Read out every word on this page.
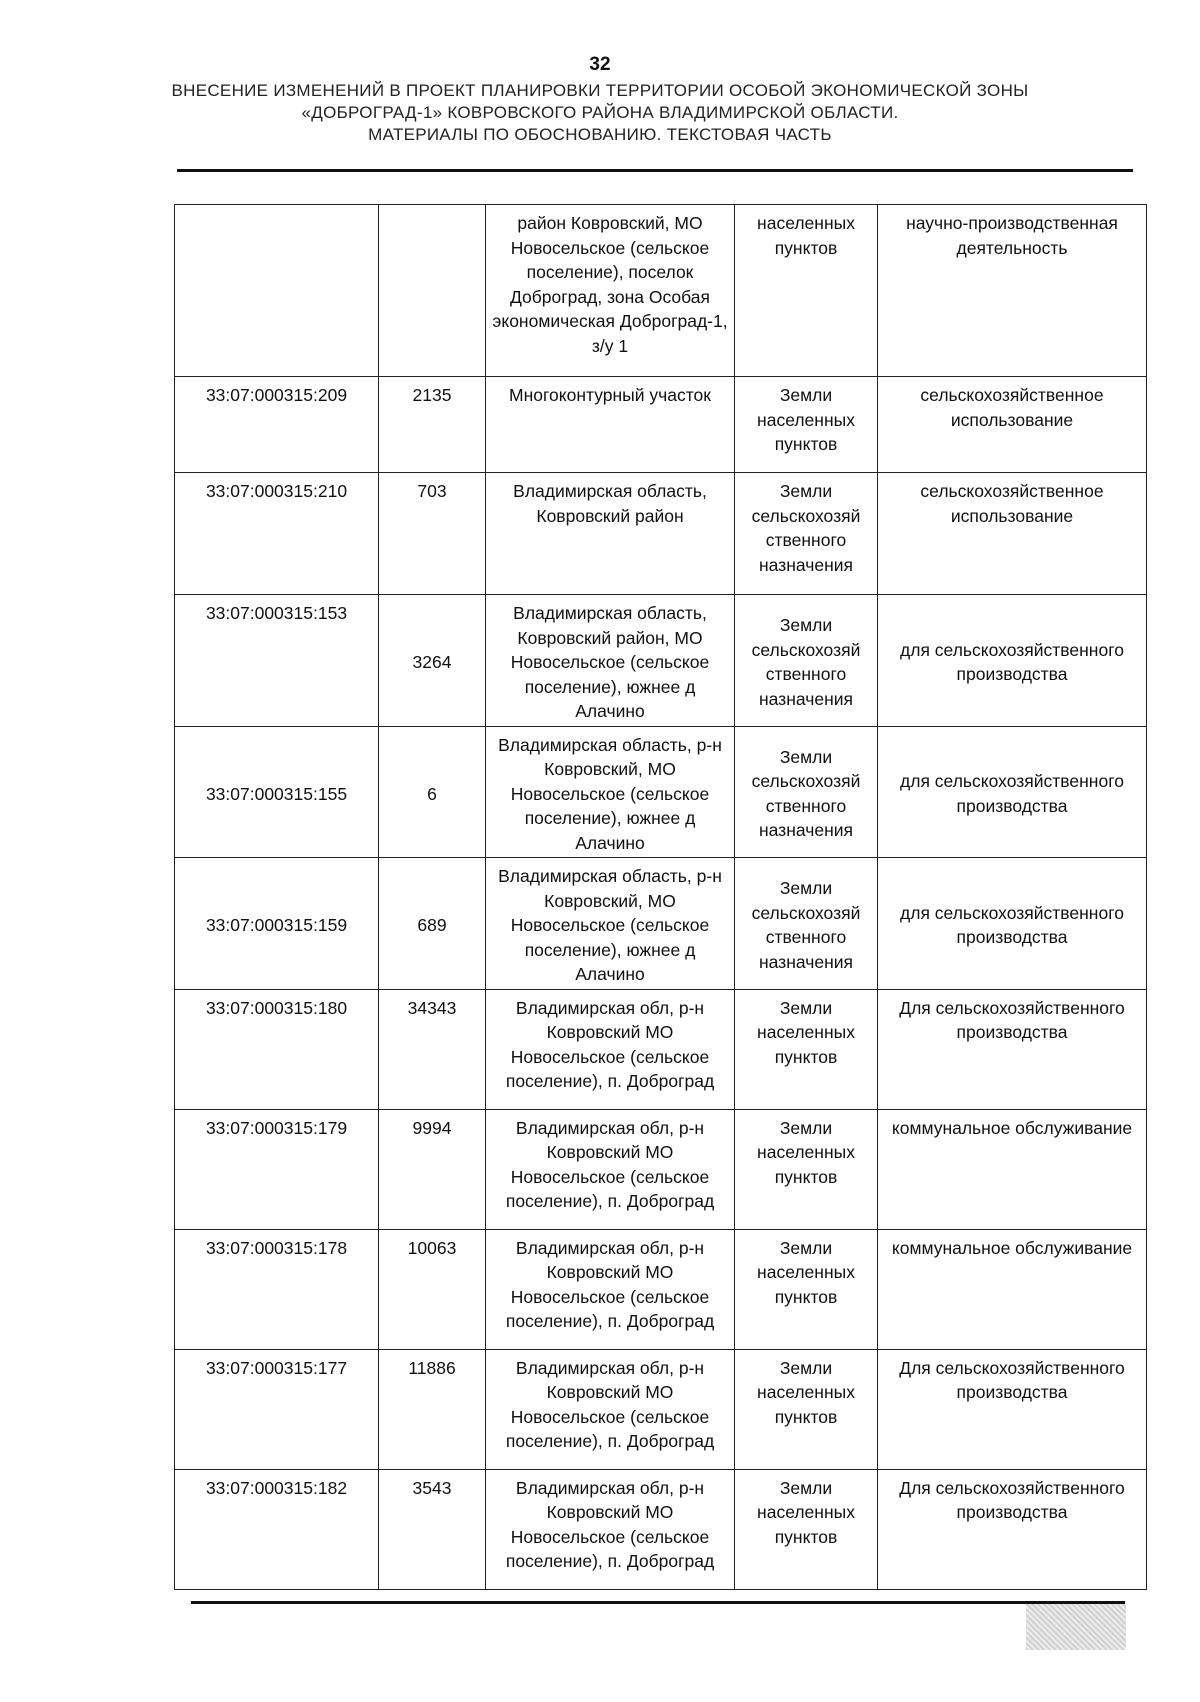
32
ВНЕСЕНИЕ ИЗМЕНЕНИЙ В ПРОЕКТ ПЛАНИРОВКИ ТЕРРИТОРИИ ОСОБОЙ ЭКОНОМИЧЕСКОЙ ЗОНЫ
«ДОБРОГРАД-1» КОВРОВСКОГО РАЙОНА ВЛАДИМИРСКОЙ ОБЛАСТИ.
МАТЕРИАЛЫ ПО ОБОСНОВАНИЮ. ТЕКСТОВАЯ ЧАСТЬ
		район Ковровский, МО Новосельское (сельское поселение), поселок Доброград, зона Особая экономическая Доброград-1, з/у 1	населенных пунктов	научно-производственная деятельность
33:07:000315:209	2135	Многоконтурный участок	Земли населенных пунктов	сельскохозяйственное использование
33:07:000315:210	703	Владимирская область, Ковровский район	Земли сельскохозяй ственного назначения	сельскохозяйственное использование
33:07:000315:153	3264	Владимирская область, Ковровский район, МО Новосельское (сельское поселение), южнее д Алачино	Земли сельскохозяй ственного назначения	для сельскохозяйственного производства
33:07:000315:155	6	Владимирская область, р-н Ковровский, МО Новосельское (сельское поселение), южнее д Алачино	Земли сельскохозяй ственного назначения	для сельскохозяйственного производства
33:07:000315:159	689	Владимирская область, р-н Ковровский, МО Новосельское (сельское поселение), южнее д Алачино	Земли сельскохозяй ственного назначения	для сельскохозяйственного производства
33:07:000315:180	34343	Владимирская обл, р-н Ковровский МО Новосельское (сельское поселение), п. Доброград	Земли населенных пунктов	Для сельскохозяйственного производства
33:07:000315:179	9994	Владимирская обл, р-н Ковровский МО Новосельское (сельское поселение), п. Доброград	Земли населенных пунктов	коммунальное обслуживание
33:07:000315:178	10063	Владимирская обл, р-н Ковровский МО Новосельское (сельское поселение), п. Доброград	Земли населенных пунктов	коммунальное обслуживание
33:07:000315:177	11886	Владимирская обл, р-н Ковровский МО Новосельское (сельское поселение), п. Доброград	Земли населенных пунктов	Для сельскохозяйственного производства
33:07:000315:182	3543	Владимирская обл, р-н Ковровский МО Новосельское (сельское поселение), п. Доброград	Земли населенных пунктов	Для сельскохозяйственного производства
